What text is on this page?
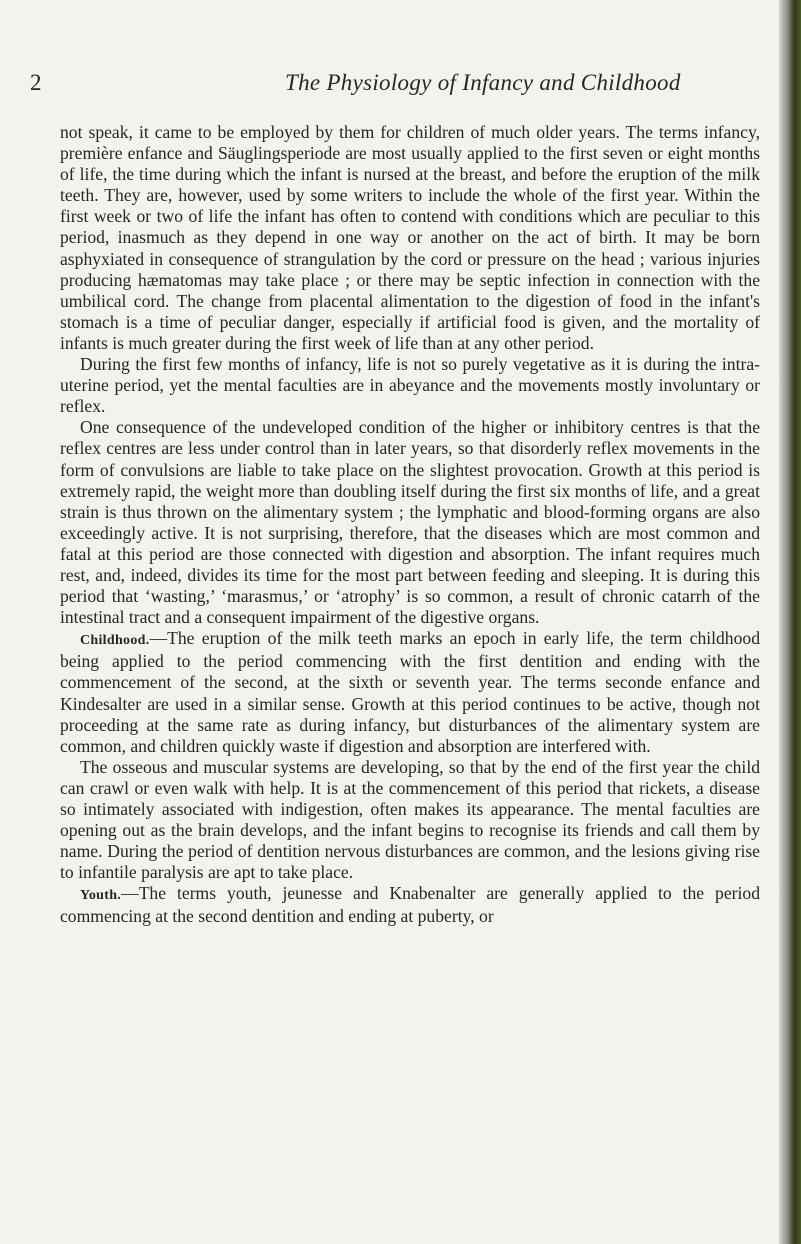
2	The Physiology of Infancy and Childhood

not speak, it came to be employed by them for children of much older years. The terms infancy, première enfance and Säuglingsperiode are most usually applied to the first seven or eight months of life, the time during which the infant is nursed at the breast, and before the eruption of the milk teeth. They are, however, used by some writers to include the whole of the first year. Within the first week or two of life the infant has often to contend with conditions which are peculiar to this period, inasmuch as they depend in one way or another on the act of birth. It may be born asphyxiated in consequence of strangulation by the cord or pressure on the head ; various injuries producing hæmatomas may take place ; or there may be septic infection in connection with the umbilical cord. The change from placental alimentation to the digestion of food in the infant's stomach is a time of peculiar danger, especially if artificial food is given, and the mortality of infants is much greater during the first week of life than at any other period.

During the first few months of infancy, life is not so purely vegetative as it is during the intra-uterine period, yet the mental faculties are in abeyance and the movements mostly involuntary or reflex.

One consequence of the undeveloped condition of the higher or inhibitory centres is that the reflex centres are less under control than in later years, so that disorderly reflex movements in the form of convulsions are liable to take place on the slightest provocation. Growth at this period is extremely rapid, the weight more than doubling itself during the first six months of life, and a great strain is thus thrown on the alimentary system ; the lymphatic and blood-forming organs are also exceedingly active. It is not surprising, therefore, that the diseases which are most common and fatal at this period are those connected with digestion and absorption. The infant requires much rest, and, indeed, divides its time for the most part between feeding and sleeping. It is during this period that ‘wasting,’ ‘marasmus,’ or ‘atrophy’ is so common, a result of chronic catarrh of the intestinal tract and a consequent impairment of the digestive organs.

Childhood.—The eruption of the milk teeth marks an epoch in early life, the term childhood being applied to the period commencing with the first dentition and ending with the commencement of the second, at the sixth or seventh year. The terms seconde enfance and Kindesalter are used in a similar sense. Growth at this period continues to be active, though not proceeding at the same rate as during infancy, but disturbances of the alimentary system are common, and children quickly waste if digestion and absorption are interfered with.

The osseous and muscular systems are developing, so that by the end of the first year the child can crawl or even walk with help. It is at the commencement of this period that rickets, a disease so intimately associated with indigestion, often makes its appearance. The mental faculties are opening out as the brain develops, and the infant begins to recognise its friends and call them by name. During the period of dentition nervous disturbances are common, and the lesions giving rise to infantile paralysis are apt to take place.

Youth.—The terms youth, jeunesse and Knabenalter are generally applied to the period commencing at the second dentition and ending at puberty, or
